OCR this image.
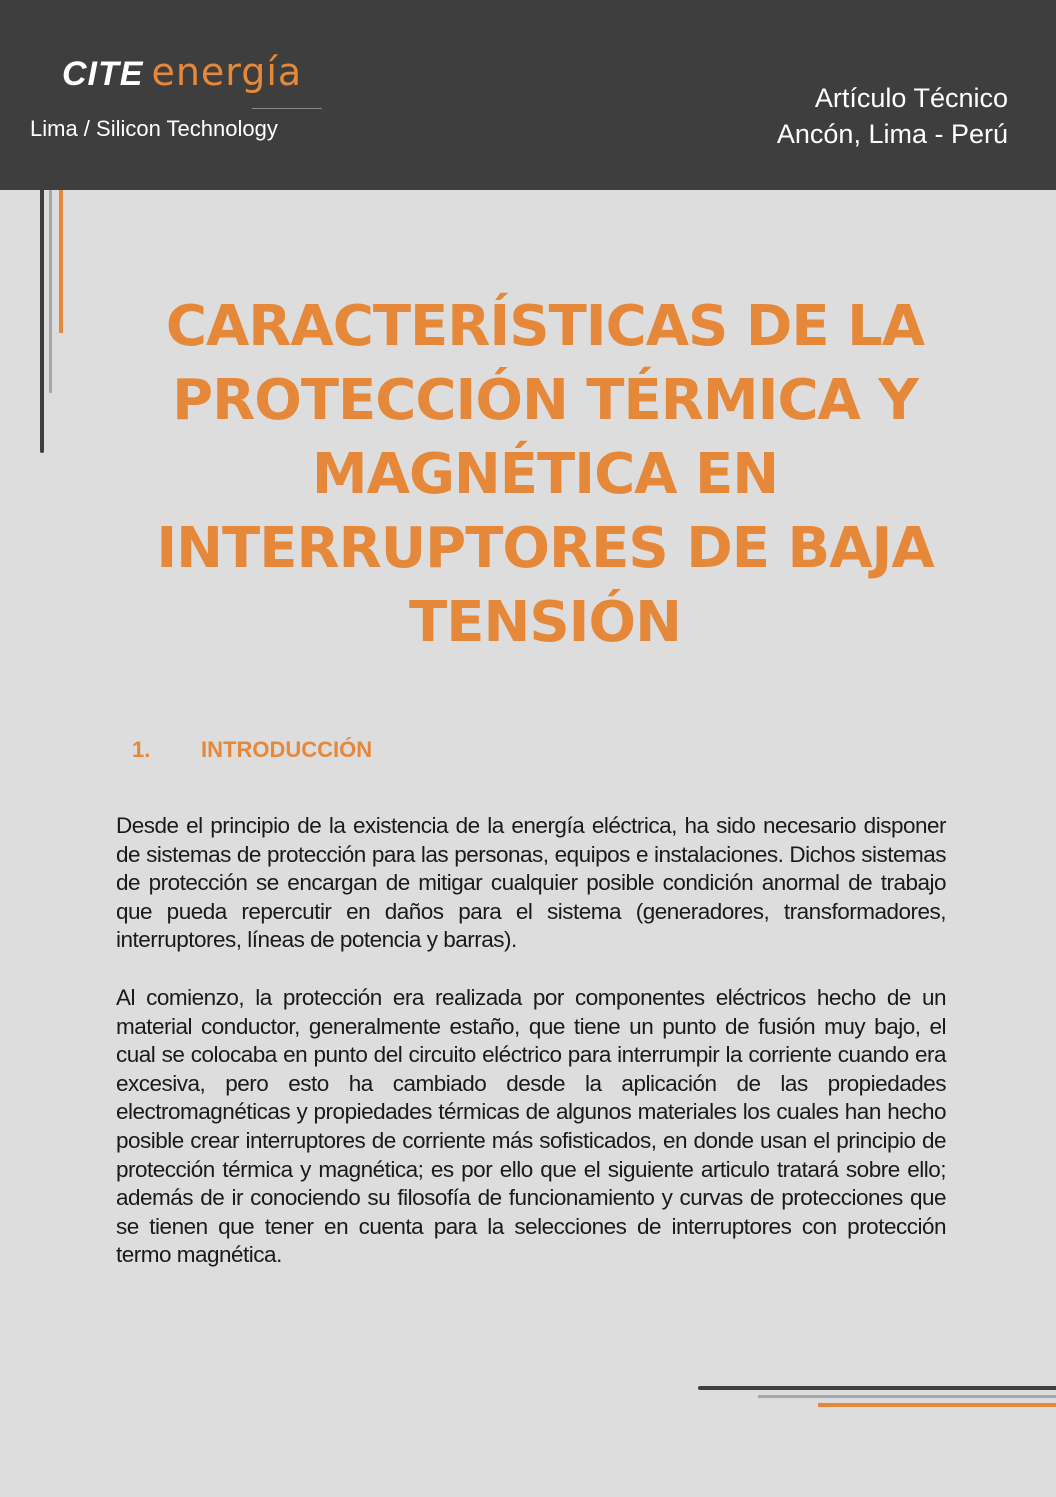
CITE energía
Lima / Silicon Technology
Artículo Técnico
Ancón, Lima - Perú
CARACTERÍSTICAS DE LA
PROTECCIÓN TÉRMICA Y
MAGNÉTICA EN
INTERRUPTORES DE BAJA
TENSIÓN
1. INTRODUCCIÓN

Desde el principio de la existencia de la energía eléctrica, ha sido necesario disponer de sistemas de protección para las personas, equipos e instalaciones. Dichos sistemas de protección se encargan de mitigar cualquier posible condición anormal de trabajo que pueda repercutir en daños para el sistema (generadores, transformadores, interruptores, líneas de potencia y barras).

Al comienzo, la protección era realizada por componentes eléctricos hecho de un material conductor, generalmente estaño, que tiene un punto de fusión muy bajo, el cual se colocaba en punto del circuito eléctrico para interrumpir la corriente cuando era excesiva, pero esto ha cambiado desde la aplicación de las propiedades electromagnéticas y propiedades térmicas de algunos materiales los cuales han hecho posible crear interruptores de corriente más sofisticados, en donde usan el principio de protección térmica y magnética; es por ello que el siguiente articulo tratará sobre ello; además de ir conociendo su filosofía de funcionamiento y curvas de protecciones que se tienen que tener en cuenta para la selecciones de interruptores con protección termo magnética.
